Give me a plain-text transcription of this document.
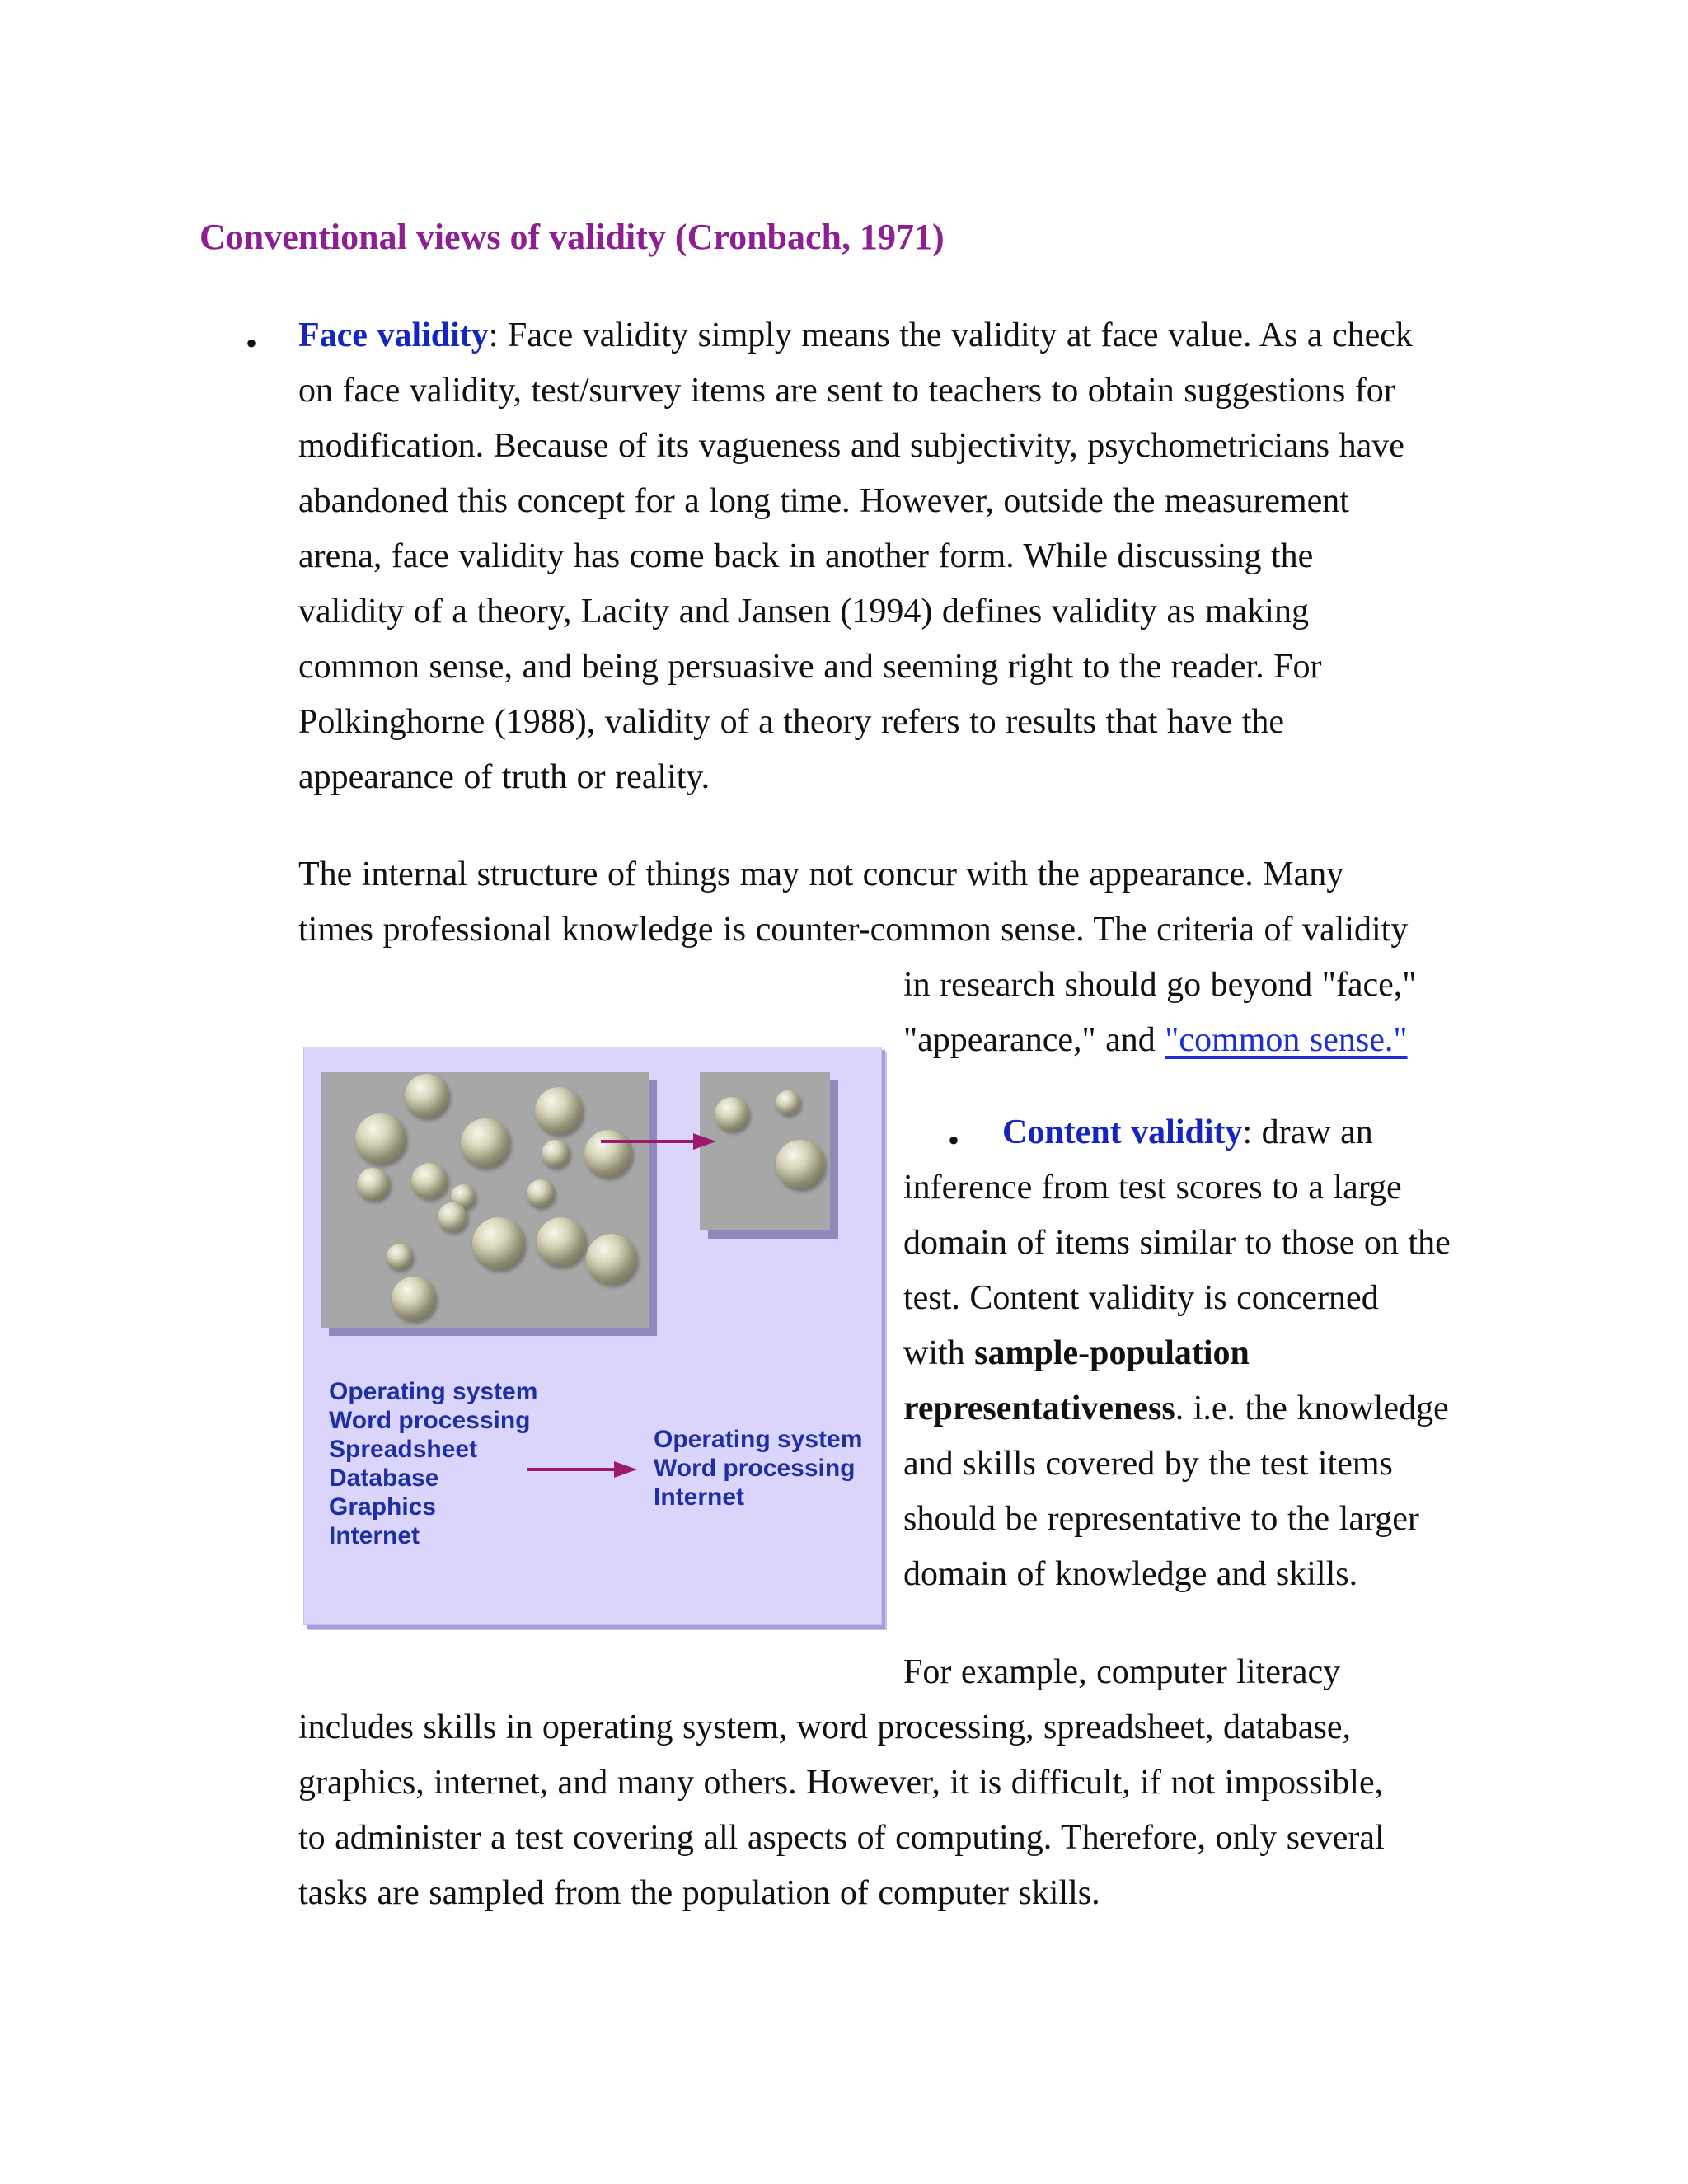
Conventional views of validity (Cronbach, 1971)
• Face validity: Face validity simply means the validity at face value. As a check
on face validity, test/survey items are sent to teachers to obtain suggestions for
modification. Because of its vagueness and subjectivity, psychometricians have
abandoned this concept for a long time. However, outside the measurement
arena, face validity has come back in another form. While discussing the
validity of a theory, Lacity and Jansen (1994) defines validity as making
common sense, and being persuasive and seeming right to the reader. For
Polkinghorne (1988), validity of a theory refers to results that have the
appearance of truth or reality.
The internal structure of things may not concur with the appearance. Many
times professional knowledge is counter-common sense. The criteria of validity
in research should go beyond "face,"
"appearance," and "common sense."
Operating system
Word processing
Spreadsheet
Database
Graphics
Internet
Operating system
Word processing
Internet
•	Content validity: draw an
inference from test scores to a large
domain of items similar to those on the
test. Content validity is concerned
with sample-population
representativeness. i.e. the knowledge
and skills covered by the test items
should be representative to the larger
domain of knowledge and skills.
For example, computer literacy
includes skills in operating system, word processing, spreadsheet, database,
graphics, internet, and many others. However, it is difficult, if not impossible,
to administer a test covering all aspects of computing. Therefore, only several
tasks are sampled from the population of computer skills.
